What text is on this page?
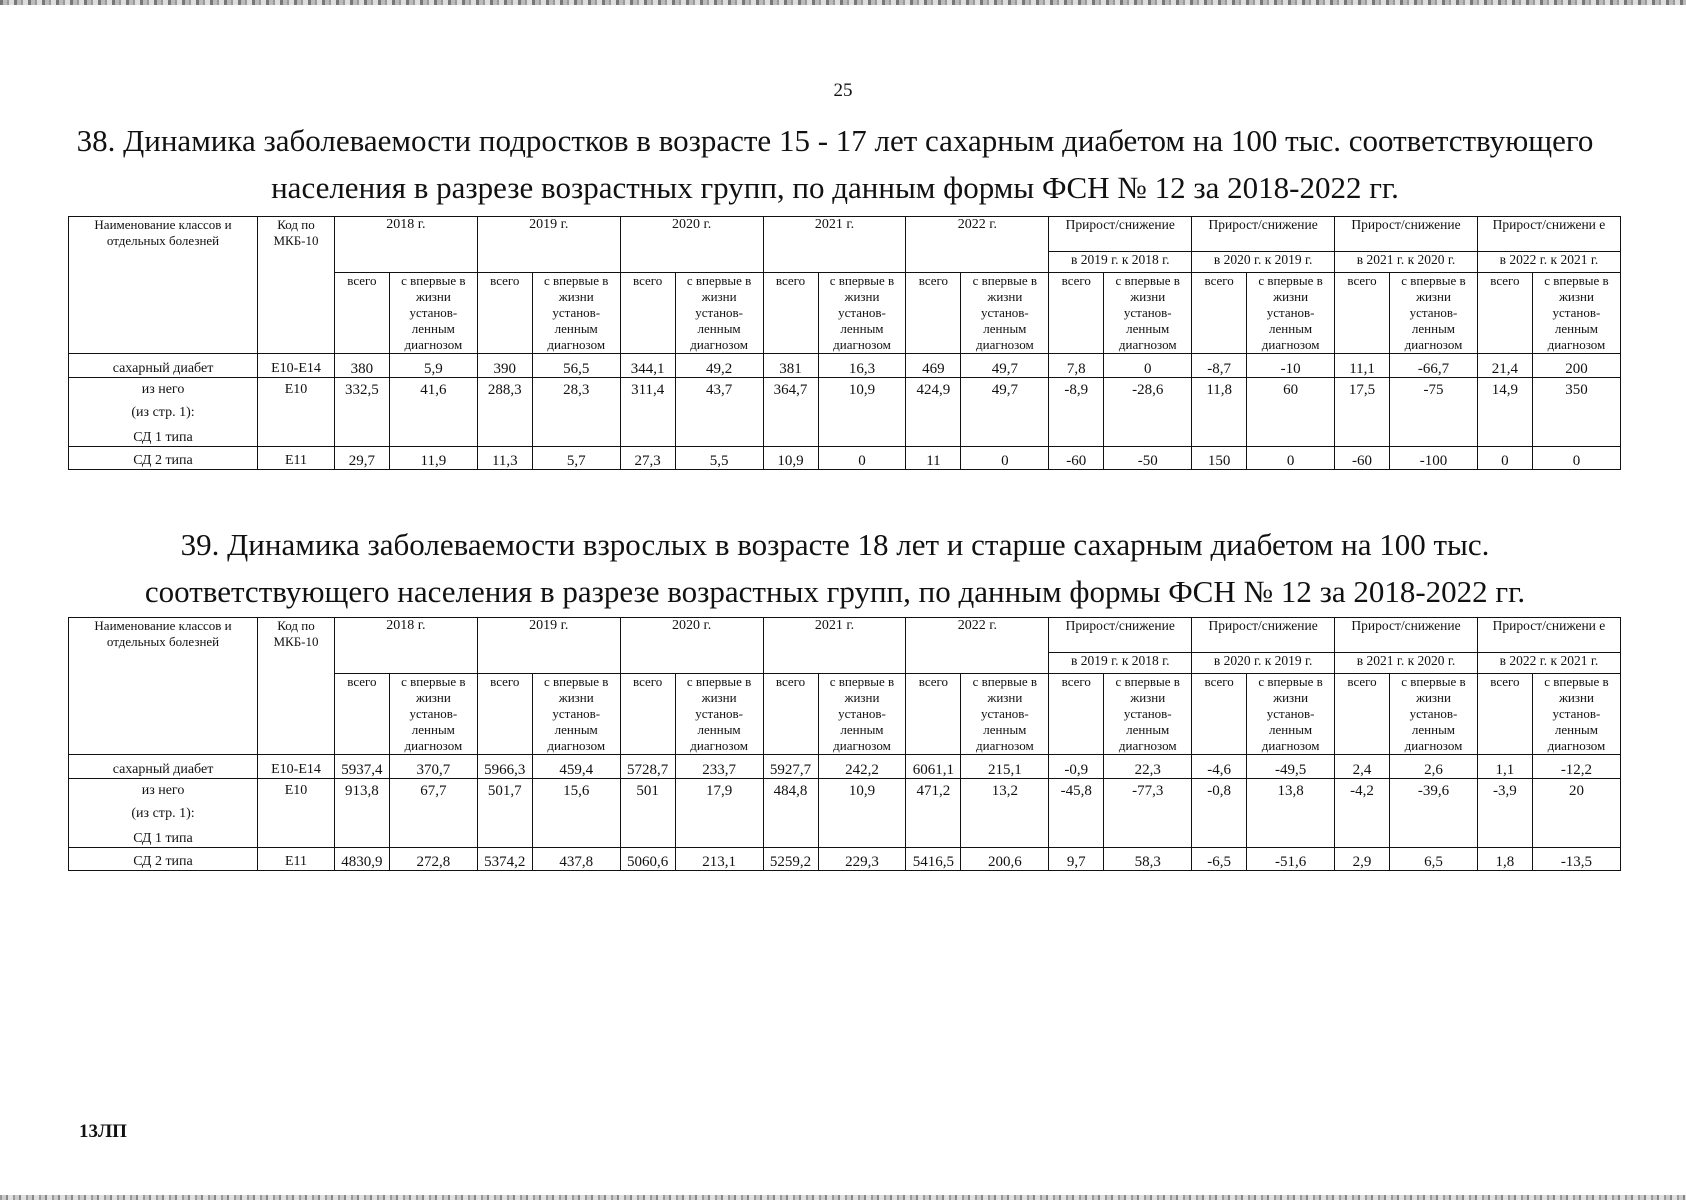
25
38. Динамика заболеваемости подростков в возрасте 15 - 17 лет сахарным диабетом на 100 тыс. соответствующего населения в разрезе возрастных групп, по данным формы ФСН № 12 за 2018-2022 гг.
Наименование классов и отдельных болезней	Код по МКБ-10	2018 г.		2019 г.		2020 г.		2021 г.		2022 г.		Прирост/снижение		Прирост/снижение		Прирост/снижение		Прирост/снижени е	
												в 2019 г. к 2018 г.		в 2020 г. к 2019 г.		в 2021 г. к 2020 г.		в 2022 г. к 2021 г.	
		всего	с впервые в жизни установ-ленным диагнозом	всего	с впервые в жизни установ-ленным диагнозом	всего	с впервые в жизни установ-ленным диагнозом	всего	с впервые в жизни установ-ленным диагнозом	всего	с впервые в жизни установ-ленным диагнозом	всего	с впервые в жизни установ-ленным диагнозом	всего	с впервые в жизни установ-ленным диагнозом	всего	с впервые в жизни установ-ленным диагнозом	всего	с впервые в жизни установ-ленным диагнозом
сахарный диабет	E10-E14	380	5,9	390	56,5	344,1	49,2	381	16,3	469	49,7	7,8	0	-8,7	-10	11,1	-66,7	21,4	200
из него	E10	332,5	41,6	288,3	28,3	311,4	43,7	364,7	10,9	424,9	49,7	-8,9	-28,6	11,8	60	17,5	-75	14,9	350
(из стр. 1):																			
СД 1 типа																			
СД 2 типа	E11	29,7	11,9	11,3	5,7	27,3	5,5	10,9	0	11	0	-60	-50	150	0	-60	-100	0	0
39. Динамика заболеваемости взрослых в возрасте 18 лет и старше сахарным диабетом на 100 тыс. соответствующего населения в разрезе возрастных групп, по данным формы ФСН № 12 за 2018-2022 гг.
Наименование классов и отдельных болезней	Код по МКБ-10	2018 г.		2019 г.		2020 г.		2021 г.		2022 г.		Прирост/снижение		Прирост/снижение		Прирост/снижение		Прирост/снижени е	
												в 2019 г. к 2018 г.		в 2020 г. к 2019 г.		в 2021 г. к 2020 г.		в 2022 г. к 2021 г.	
		всего	с впервые в жизни установ-ленным диагнозом	всего	с впервые в жизни установ-ленным диагнозом	всего	с впервые в жизни установ-ленным диагнозом	всего	с впервые в жизни установ-ленным диагнозом	всего	с впервые в жизни установ-ленным диагнозом	всего	с впервые в жизни установ-ленным диагнозом	всего	с впервые в жизни установ-ленным диагнозом	всего	с впервые в жизни установ-ленным диагнозом	всего	с впервые в жизни установ-ленным диагнозом
сахарный диабет	E10-E14	5937,4	370,7	5966,3	459,4	5728,7	233,7	5927,7	242,2	6061,1	215,1	-0,9	22,3	-4,6	-49,5	2,4	2,6	1,1	-12,2
из него	E10	913,8	67,7	501,7	15,6	501	17,9	484,8	10,9	471,2	13,2	-45,8	-77,3	-0,8	13,8	-4,2	-39,6	-3,9	20
(из стр. 1):																			
СД 1 типа																			
СД 2 типа	E11	4830,9	272,8	5374,2	437,8	5060,6	213,1	5259,2	229,3	5416,5	200,6	9,7	58,3	-6,5	-51,6	2,9	6,5	1,8	-13,5
13ЛП
